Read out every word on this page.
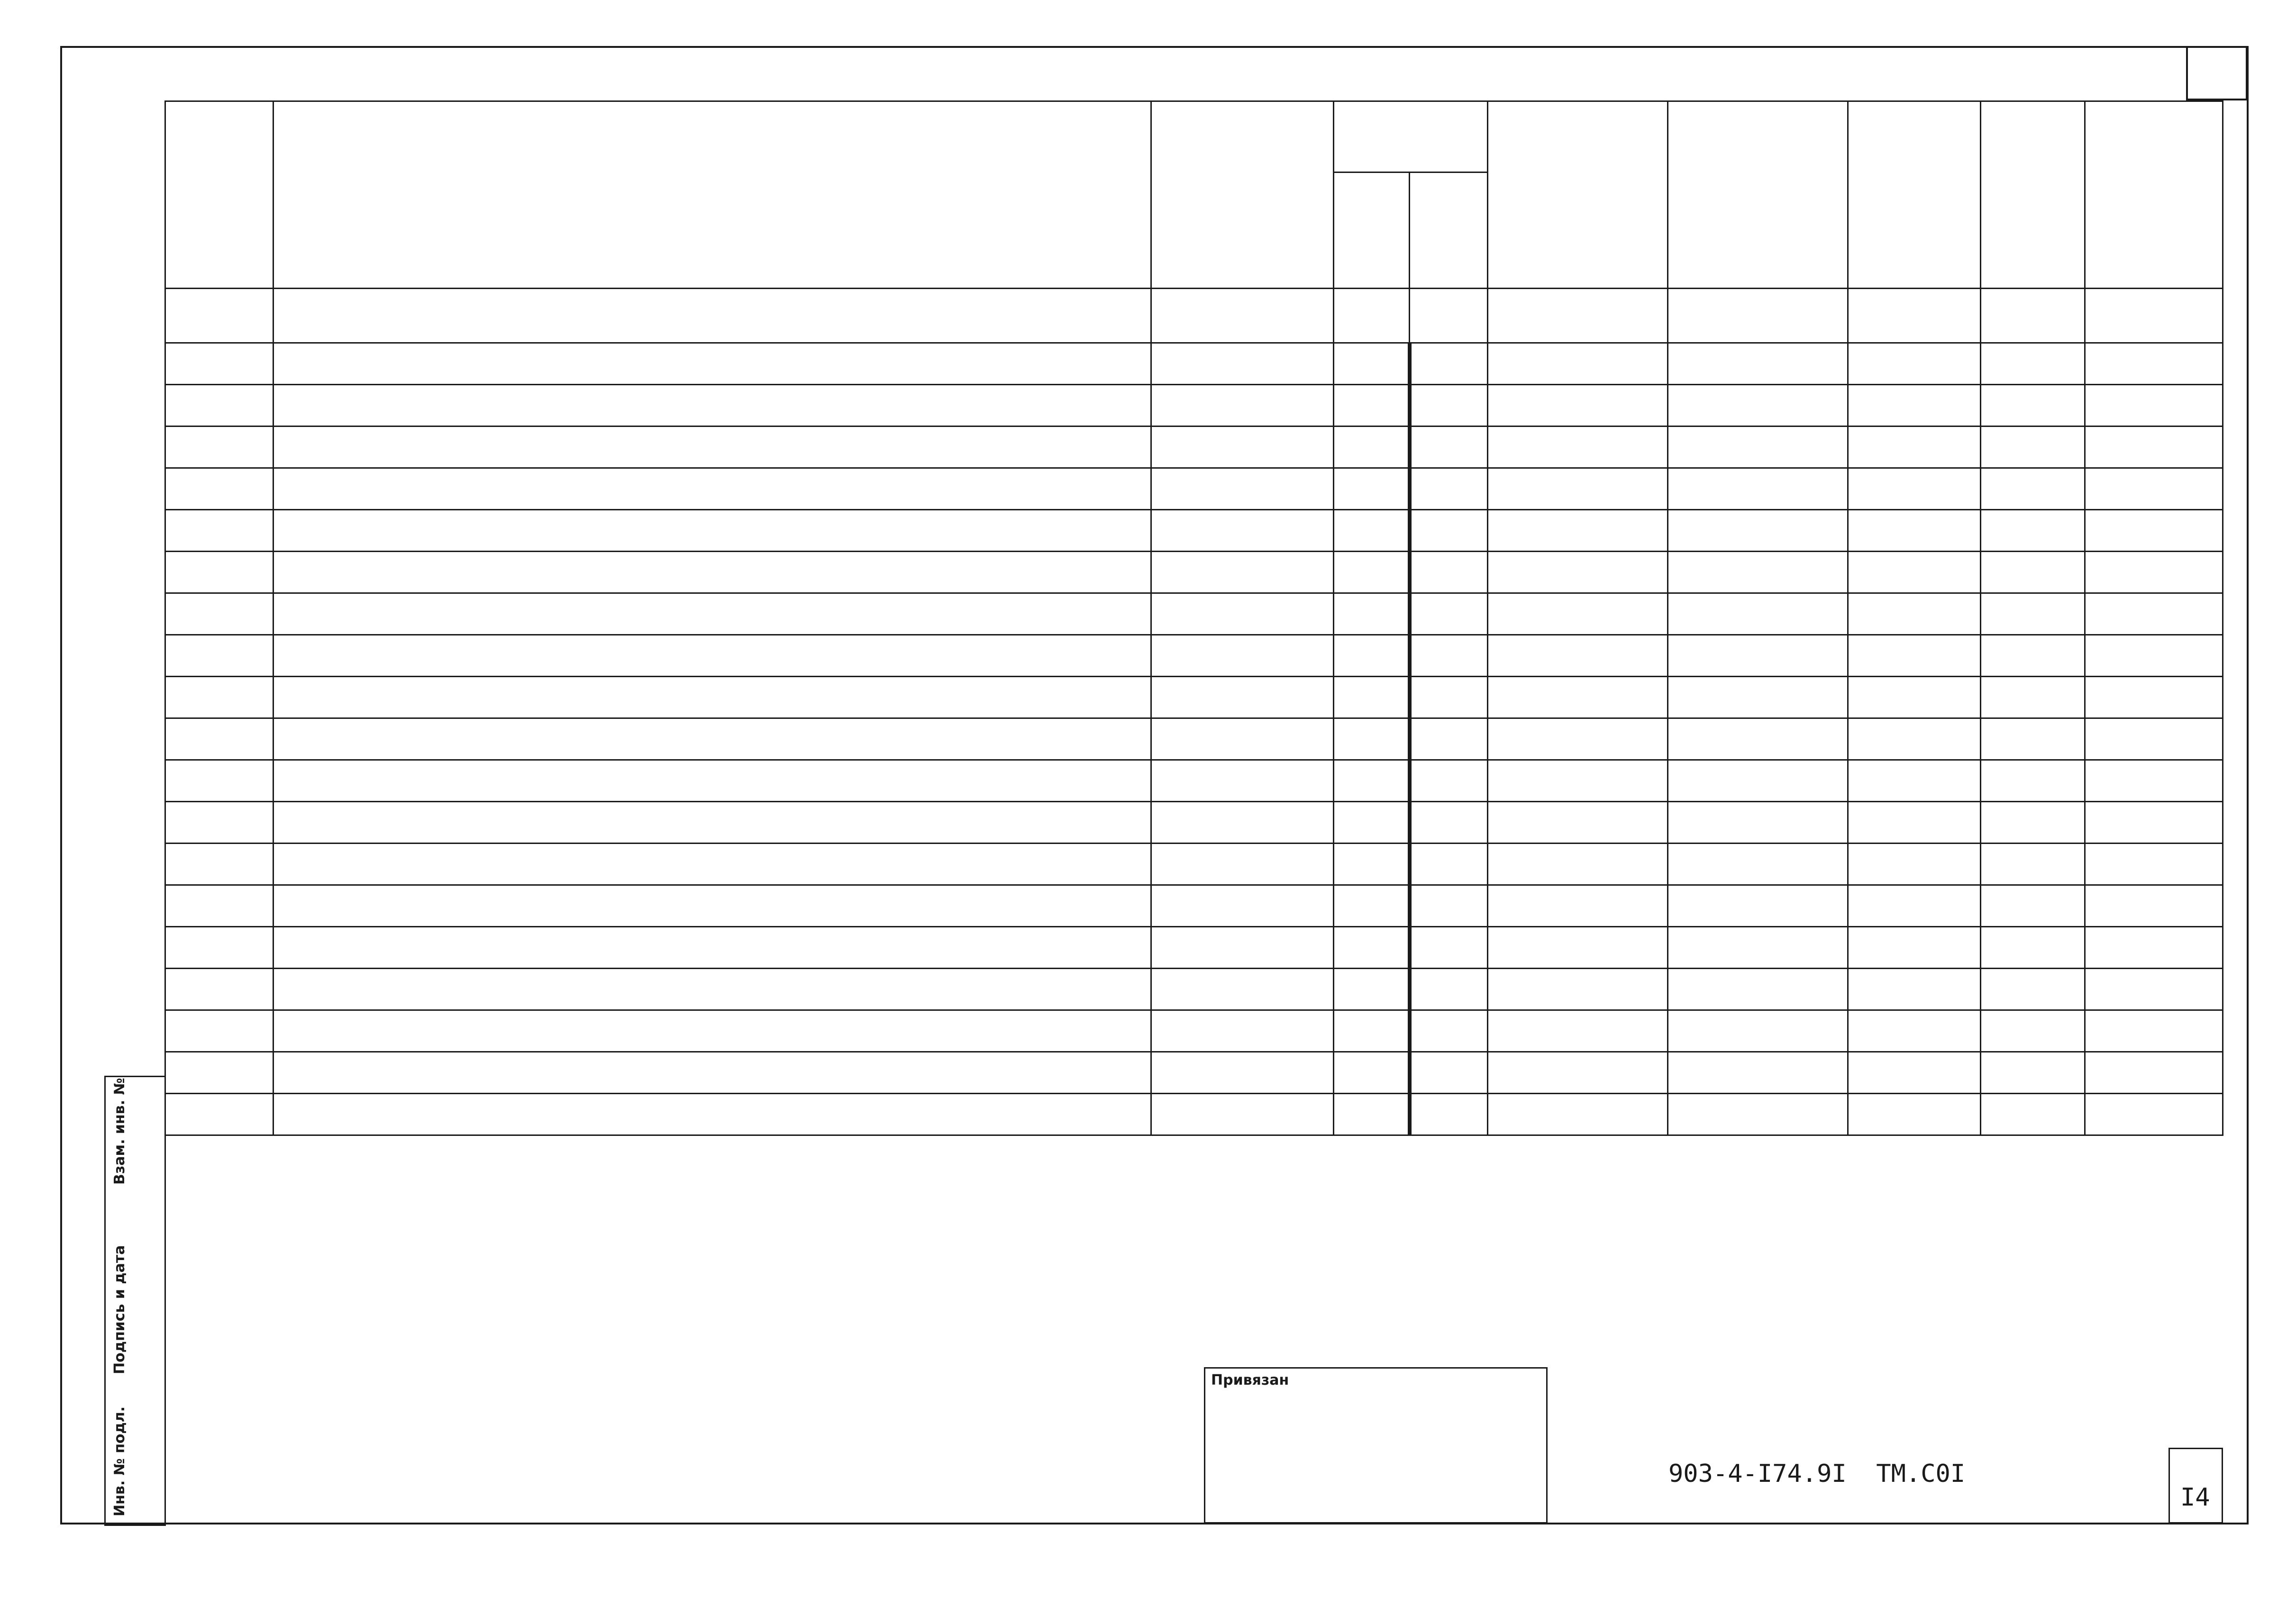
Взам. инв. №
Подпись и дата
Инв. № подл.
Привязан
903-4-I74.9I  ТМ.С0I
I4
